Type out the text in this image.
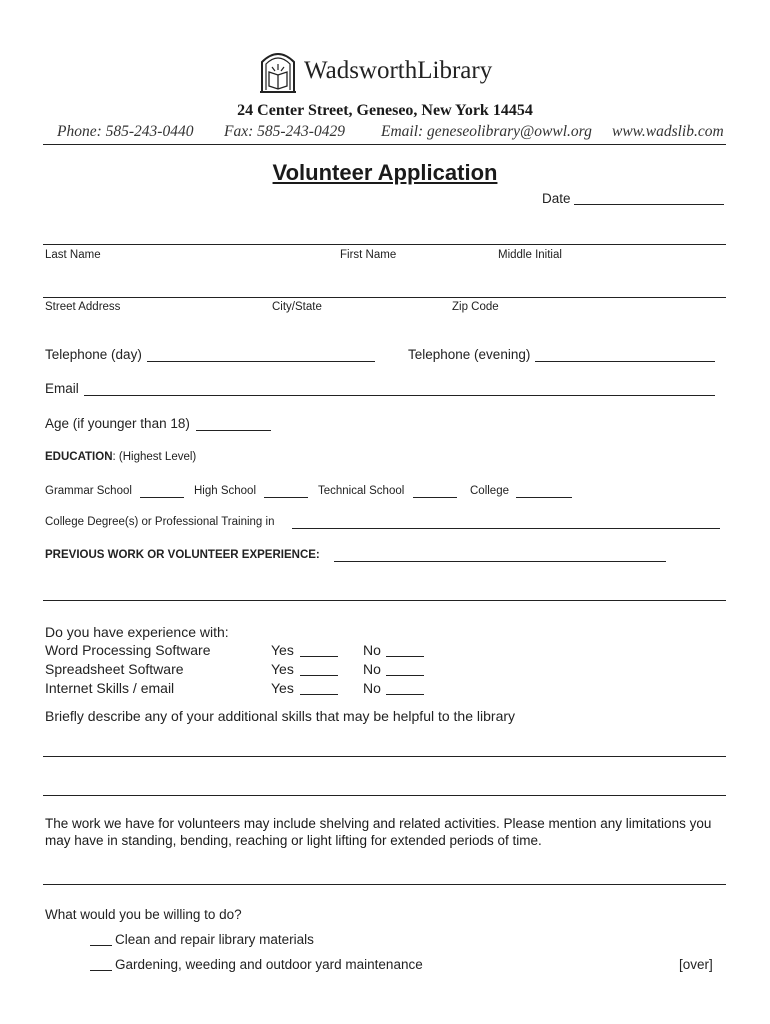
WadsworthLibrary
24 Center Street, Geneseo, New York 14454
Phone: 585-243-0440 Fax: 585-243-0429 Email: geneseolibrary@owwl.org www.wadslib.com
Volunteer Application
Date
Last Name	First Name	Middle Initial
Street Address	City/State	Zip Code
Telephone (day)	Telephone (evening)
Email
Age (if younger than 18)
EDUCATION: (Highest Level)
Grammar School	High School	Technical School	College
College Degree(s) or Professional Training in
PREVIOUS WORK OR VOLUNTEER EXPERIENCE:
Do you have experience with:
Word Processing Software	Yes	No
Spreadsheet Software	Yes	No
Internet Skills / email	Yes	No
Briefly describe any of your additional skills that may be helpful to the library
The work we have for volunteers may include shelving and related activities. Please mention any limitations you may have in standing, bending, reaching or light lifting for extended periods of time.
What would you be willing to do?
Clean and repair library materials
Gardening, weeding and outdoor yard maintenance	[over]
